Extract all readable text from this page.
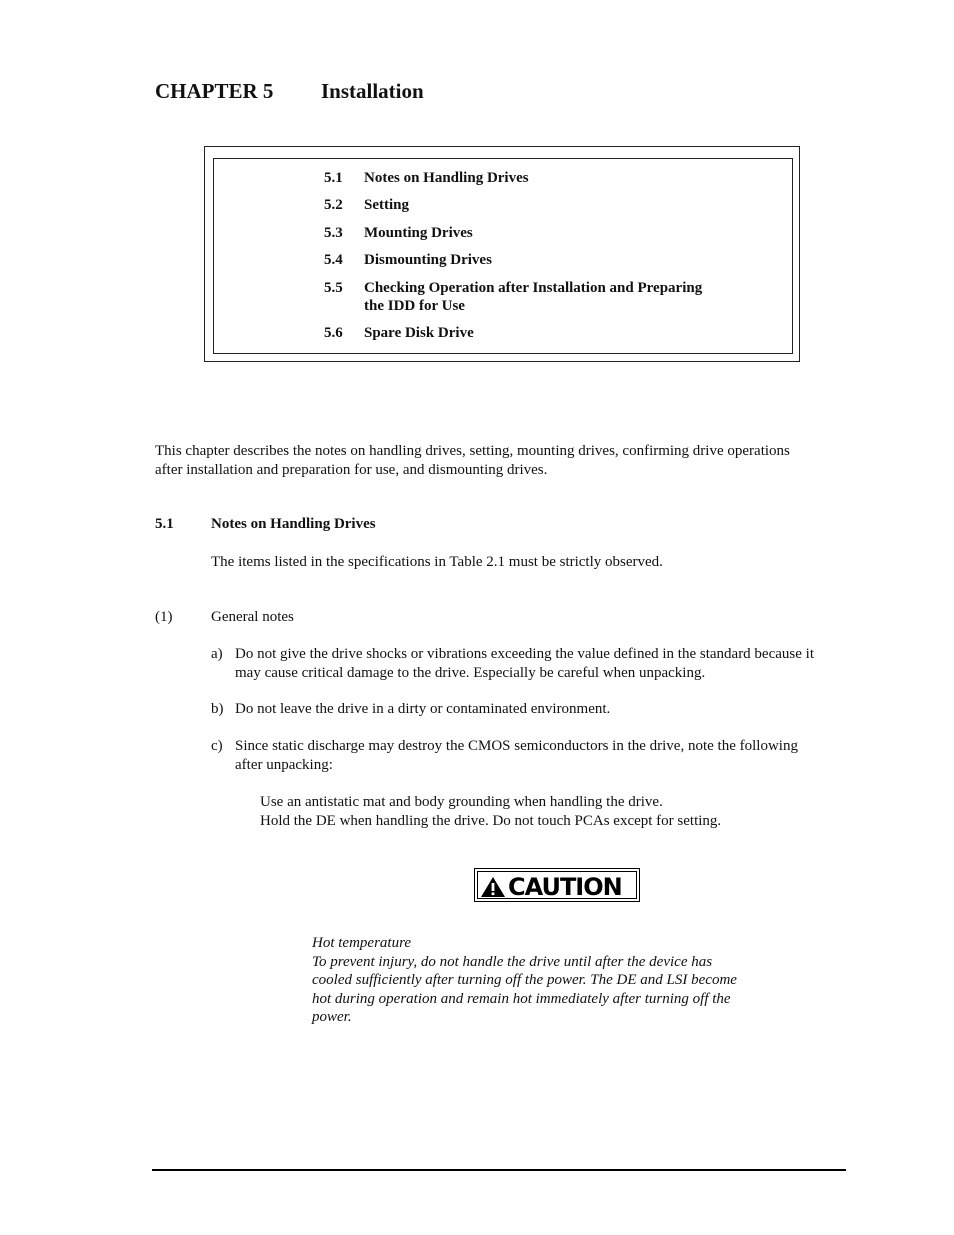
CHAPTER 5 Installation
5.1	Notes on Handling Drives
5.2	Setting
5.3	Mounting Drives
5.4	Dismounting Drives
5.5	Checking Operation after Installation and Preparing
the IDD for Use
5.6	Spare Disk Drive
This chapter describes the notes on handling drives, setting, mounting drives, confirming drive operations
after installation and preparation for use, and dismounting drives.
5.1 Notes on Handling Drives
The items listed in the specifications in Table 2.1 must be strictly observed.
(1)	General notes
a) Do not give the drive shocks or vibrations exceeding the value defined in the standard because it
may cause critical damage to the drive. Especially be careful when unpacking.
b) Do not leave the drive in a dirty or contaminated environment.
c) Since static discharge may destroy the CMOS semiconductors in the drive, note the following
after unpacking:
Use an antistatic mat and body grounding when handling the drive.
Hold the DE when handling the drive. Do not touch PCAs except for setting.
CAUTION
Hot temperature
To prevent injury, do not handle the drive until after the device has
cooled sufficiently after turning off the power. The DE and LSI become
hot during operation and remain hot immediately after turning off the
power.
